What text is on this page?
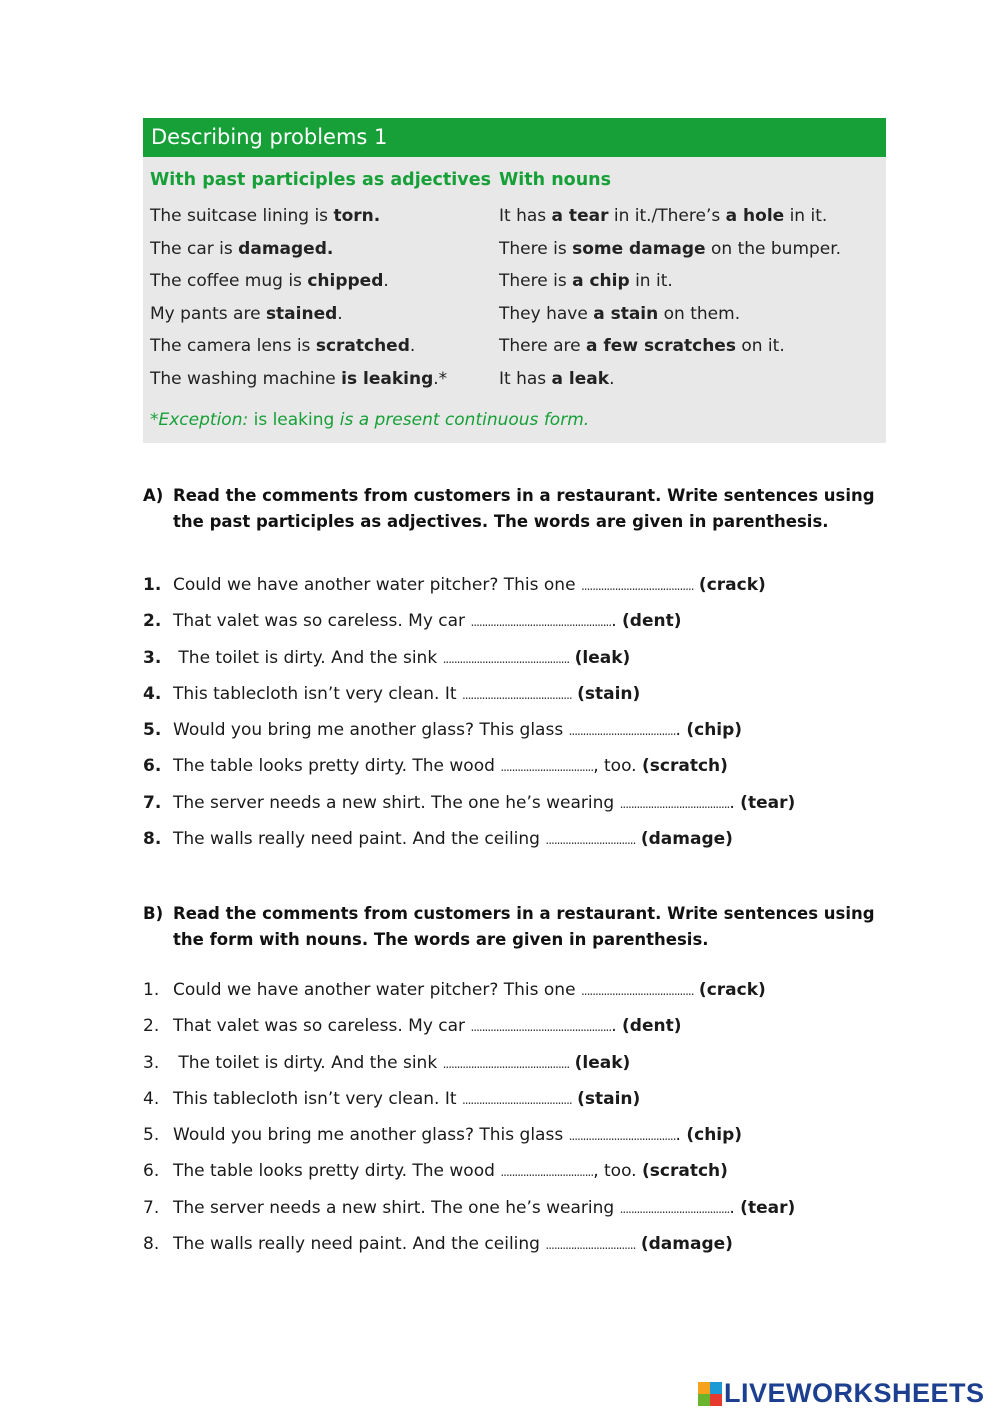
Describing problems 1
With past participles as adjectives
The suitcase lining is torn.
The car is damaged.
The coffee mug is chipped.
My pants are stained.
The camera lens is scratched.
The washing machine is leaking.*
With nouns
It has a tear in it./There’s a hole in it.
There is some damage on the bumper.
There is a chip in it.
They have a stain on them.
There are a few scratches on it.
It has a leak.
*Exception: is leaking is a present continuous form.
A) Read the comments from customers in a restaurant. Write sentences using
the past participles as adjectives. The words are given in parenthesis.
1. Could we have another water pitcher? This one ........................................ (crack)
2. That valet was so careless. My car ................................................... (dent)
3. The toilet is dirty. And the sink ............................................. (leak)
4. This tablecloth isn’t very clean. It ....................................... (stain)
5. Would you bring me another glass? This glass ....................................... (chip)
6. The table looks pretty dirty. The wood ................................., too. (scratch)
7. The server needs a new shirt. The one he’s wearing ........................................ (tear)
8. The walls really need paint. And the ceiling ................................ (damage)
B) Read the comments from customers in a restaurant. Write sentences using
the form with nouns. The words are given in parenthesis.
1. Could we have another water pitcher? This one ........................................ (crack)
2. That valet was so careless. My car ................................................... (dent)
3. The toilet is dirty. And the sink ............................................. (leak)
4. This tablecloth isn’t very clean. It ....................................... (stain)
5. Would you bring me another glass? This glass ....................................... (chip)
6. The table looks pretty dirty. The wood ................................., too. (scratch)
7. The server needs a new shirt. The one he’s wearing ........................................ (tear)
8. The walls really need paint. And the ceiling ................................ (damage)
LIVEWORKSHEETS
